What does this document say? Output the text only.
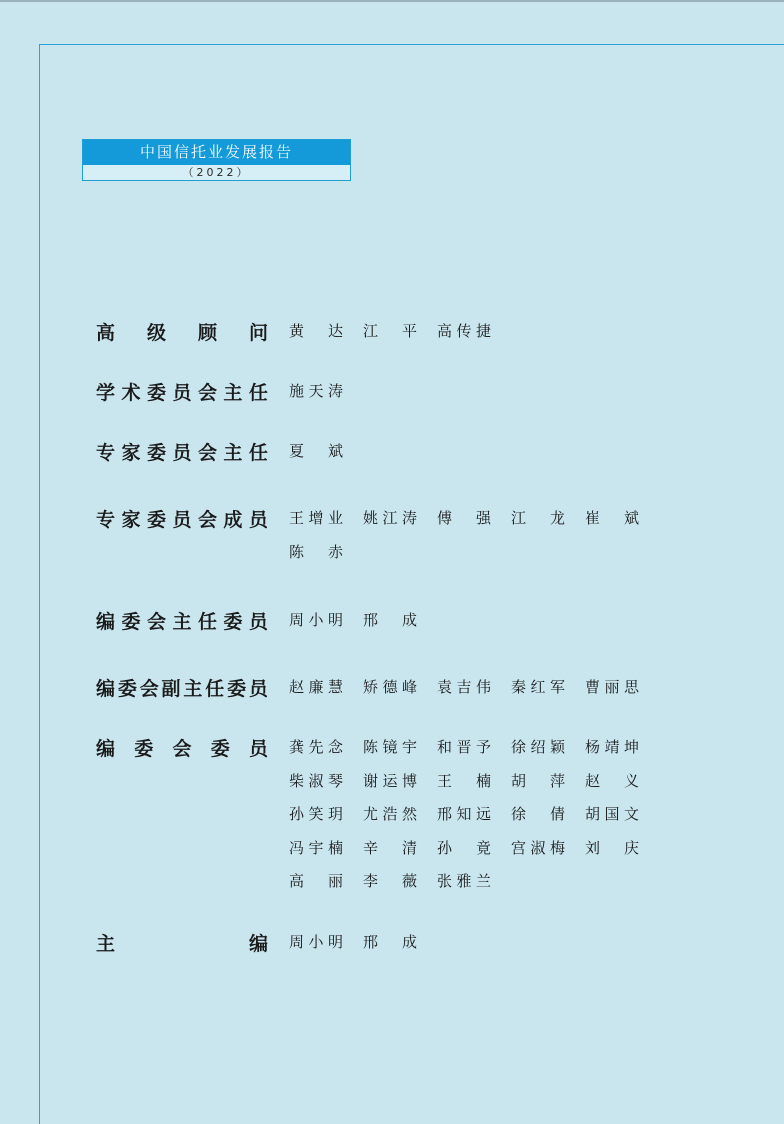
中国信托业发展报告
（2022）
高 级 顾 问 黄 达 江 平 高 传 捷
学 术 委 员 会 主 任 施 天 涛
专 家 委 员 会 主 任 夏 斌
专 家 委 员 会 成 员 王 增 业 姚 江 涛 傅 强 江 龙 崔 斌
陈 赤
编 委 会 主 任 委 员 周 小 明 邢 成
编 委 会 副 主 任 委 员 赵 廉 慧 矫 德 峰 袁 吉 伟 秦 红 军 曹 丽 思
编 委 会 委 员 龚 先 念 陈 镜 宇 和 晋 予 徐 绍 颖 杨 靖 坤
柴 淑 琴 谢 运 博 王 楠 胡 萍 赵 义
孙 笑 玥 尤 浩 然 邢 知 远 徐 倩 胡 国 文
冯 宇 楠 辛 清 孙 竟 宫 淑 梅 刘 庆
高 丽 李 薇 张 雅 兰
主	编 周 小 明 邢 成
